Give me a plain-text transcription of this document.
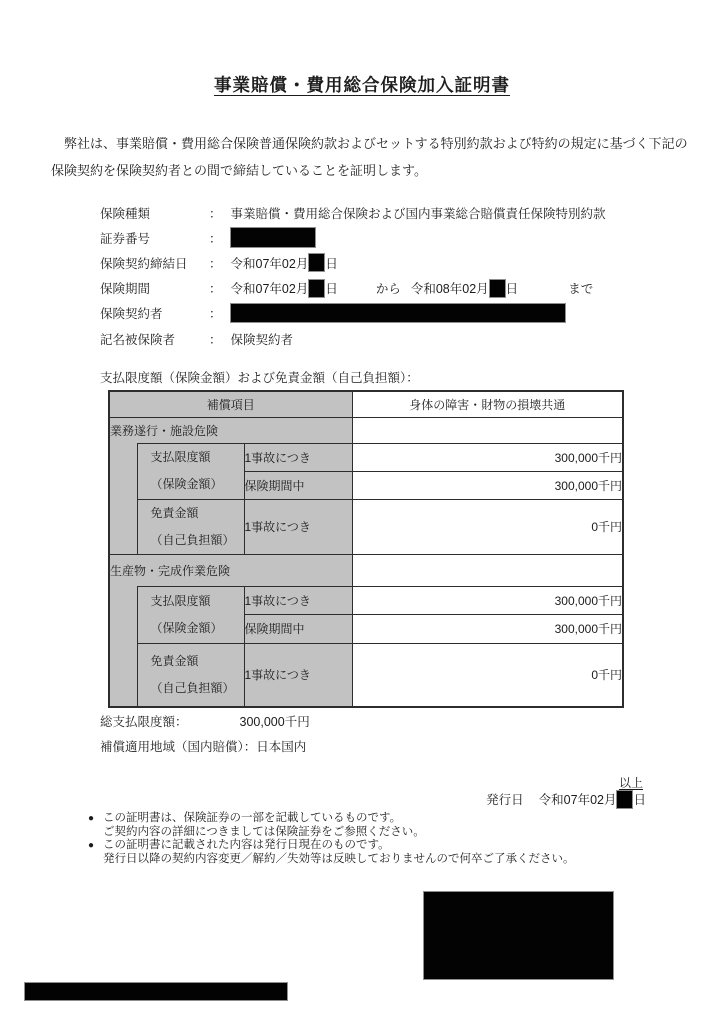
事業賠償・費用総合保険加入証明書
弊社は、事業賠償・費用総合保険普通保険約款およびセットする特別約款および特約の規定に基づく下記の
保険契約を保険契約者との間で締結していることを証明します。
保険種類	： 事業賠償・費用総合保険および国内事業総合賠償責任保険特別約款
証券番号	：
保険契約締結日	： 令和07年02月 日
保険期間	： 令和07年02月 日	から 令和08年02月 日	まで
保険契約者	：
記名被保険者	： 保険契約者
支払限度額（保険金額）および免責金額（自己負担額）：
補償項目			身体の障害・財物の損壊共通
業務遂行・施設危険			

	支払限度額
（保険金額）	1事故につき	300,000千円
		保険期間中	300,000千円

	免責金額
（自己負担額）	1事故につき	0千円
生産物・完成作業危険			

	支払限度額
（保険金額）	1事故につき	300,000千円
		保険期間中	300,000千円

	免責金額
（自己負担額）	1事故につき	0千円
総支払限度額：	300,000千円
補償適用地域（国内賠償）：日本国内
以上
発行日 令和07年02月 日
● この証明書は、保険証券の一部を記載しているものです。
ご契約内容の詳細につきましては保険証券をご参照ください。
● この証明書に記載された内容は発行日現在のものです。
発行日以降の契約内容変更／解約／失効等は反映しておりませんので何卒ご了承ください。
